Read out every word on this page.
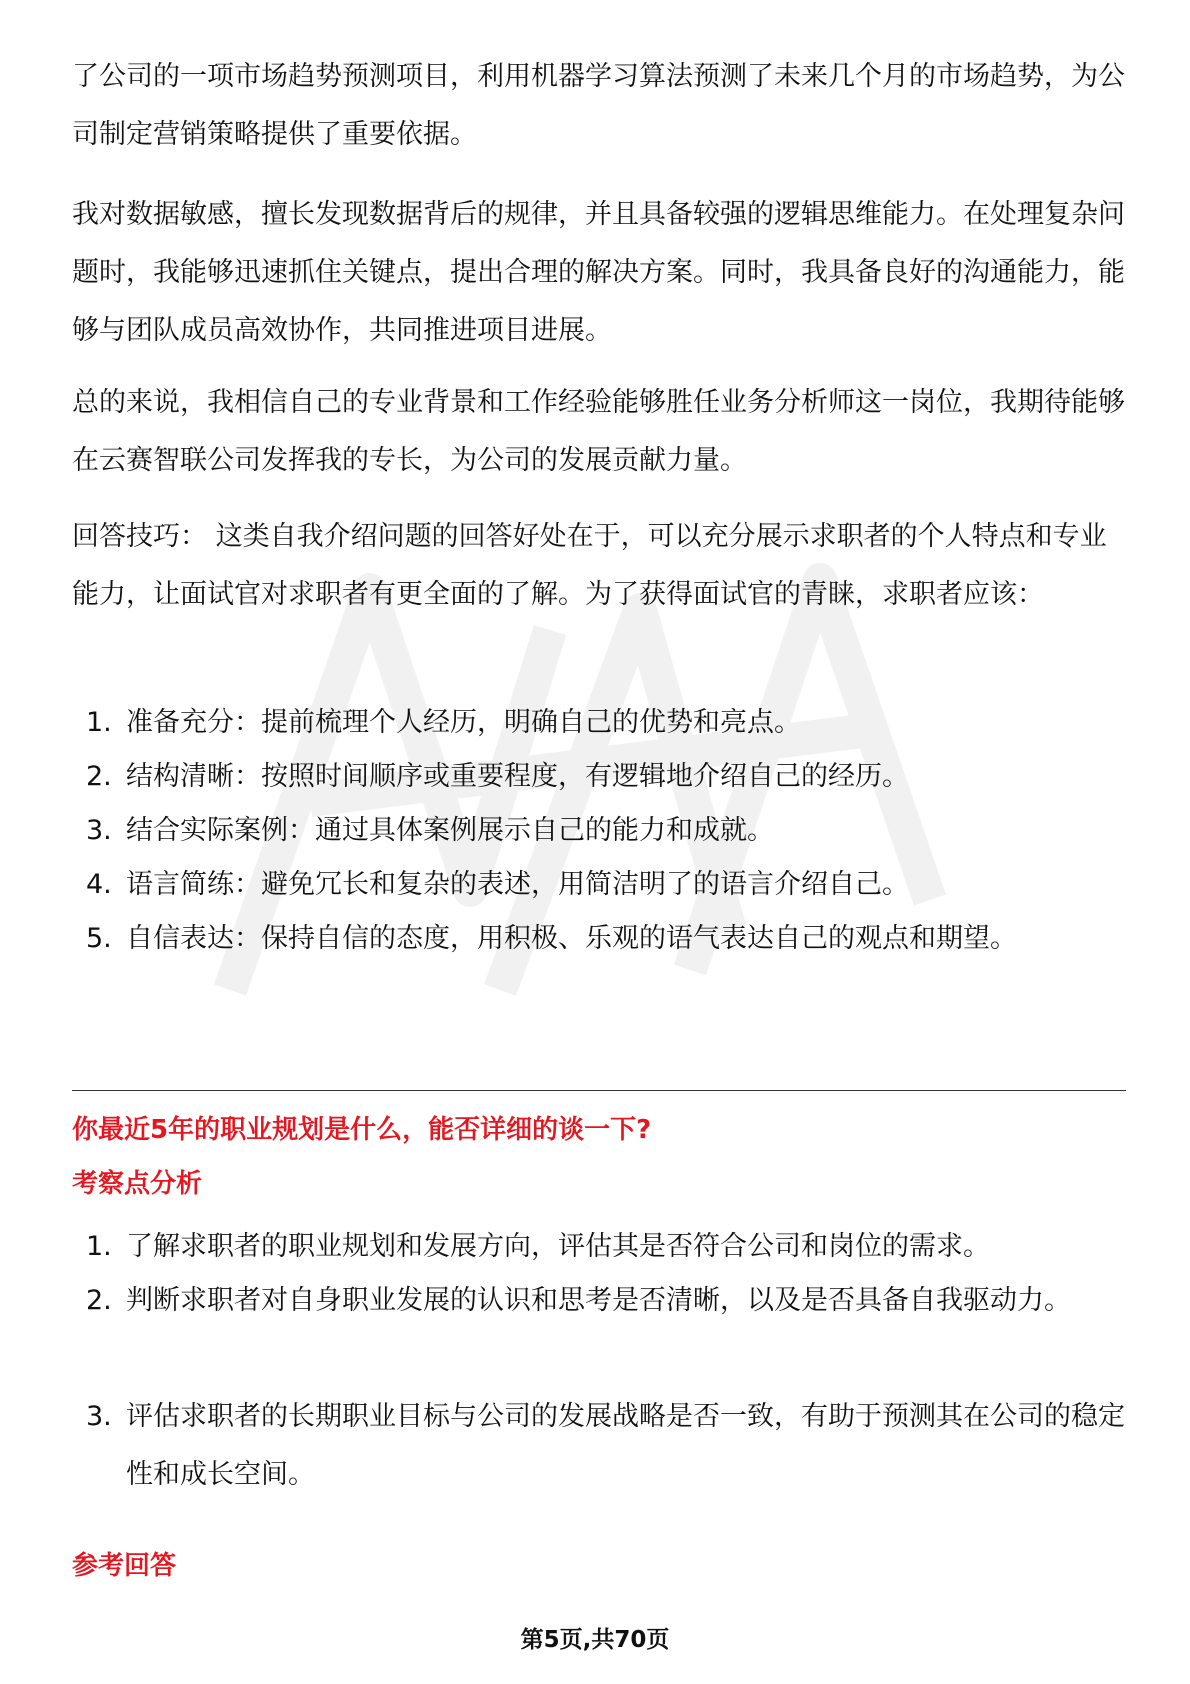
了公司的一项市场趋势预测项目，利用机器学习算法预测了未来几个月的市场趋势，为公司制定营销策略提供了重要依据。

我对数据敏感，擅长发现数据背后的规律，并且具备较强的逻辑思维能力。在处理复杂问题时，我能够迅速抓住关键点，提出合理的解决方案。同时，我具备良好的沟通能力，能够与团队成员高效协作，共同推进项目进展。

总的来说，我相信自己的专业背景和工作经验能够胜任业务分析师这一岗位，我期待能够在云赛智联公司发挥我的专长，为公司的发展贡献力量。

回答技巧： 这类自我介绍问题的回答好处在于，可以充分展示求职者的个人特点和专业能力，让面试官对求职者有更全面的了解。为了获得面试官的青睐，求职者应该：

1. 准备充分：提前梳理个人经历，明确自己的优势和亮点。
2. 结构清晰：按照时间顺序或重要程度，有逻辑地介绍自己的经历。
3. 结合实际案例：通过具体案例展示自己的能力和成就。
4. 语言简练：避免冗长和复杂的表述，用简洁明了的语言介绍自己。
5. 自信表达：保持自信的态度，用积极、乐观的语气表达自己的观点和期望。
你最近5年的职业规划是什么，能否详细的谈一下?
考察点分析
1. 了解求职者的职业规划和发展方向，评估其是否符合公司和岗位的需求。
2. 判断求职者对自身职业发展的认识和思考是否清晰，以及是否具备自我驱动力。
3. 评估求职者的长期职业目标与公司的发展战略是否一致，有助于预测其在公司的稳定性和成长空间。
参考回答
第5页,共70页
